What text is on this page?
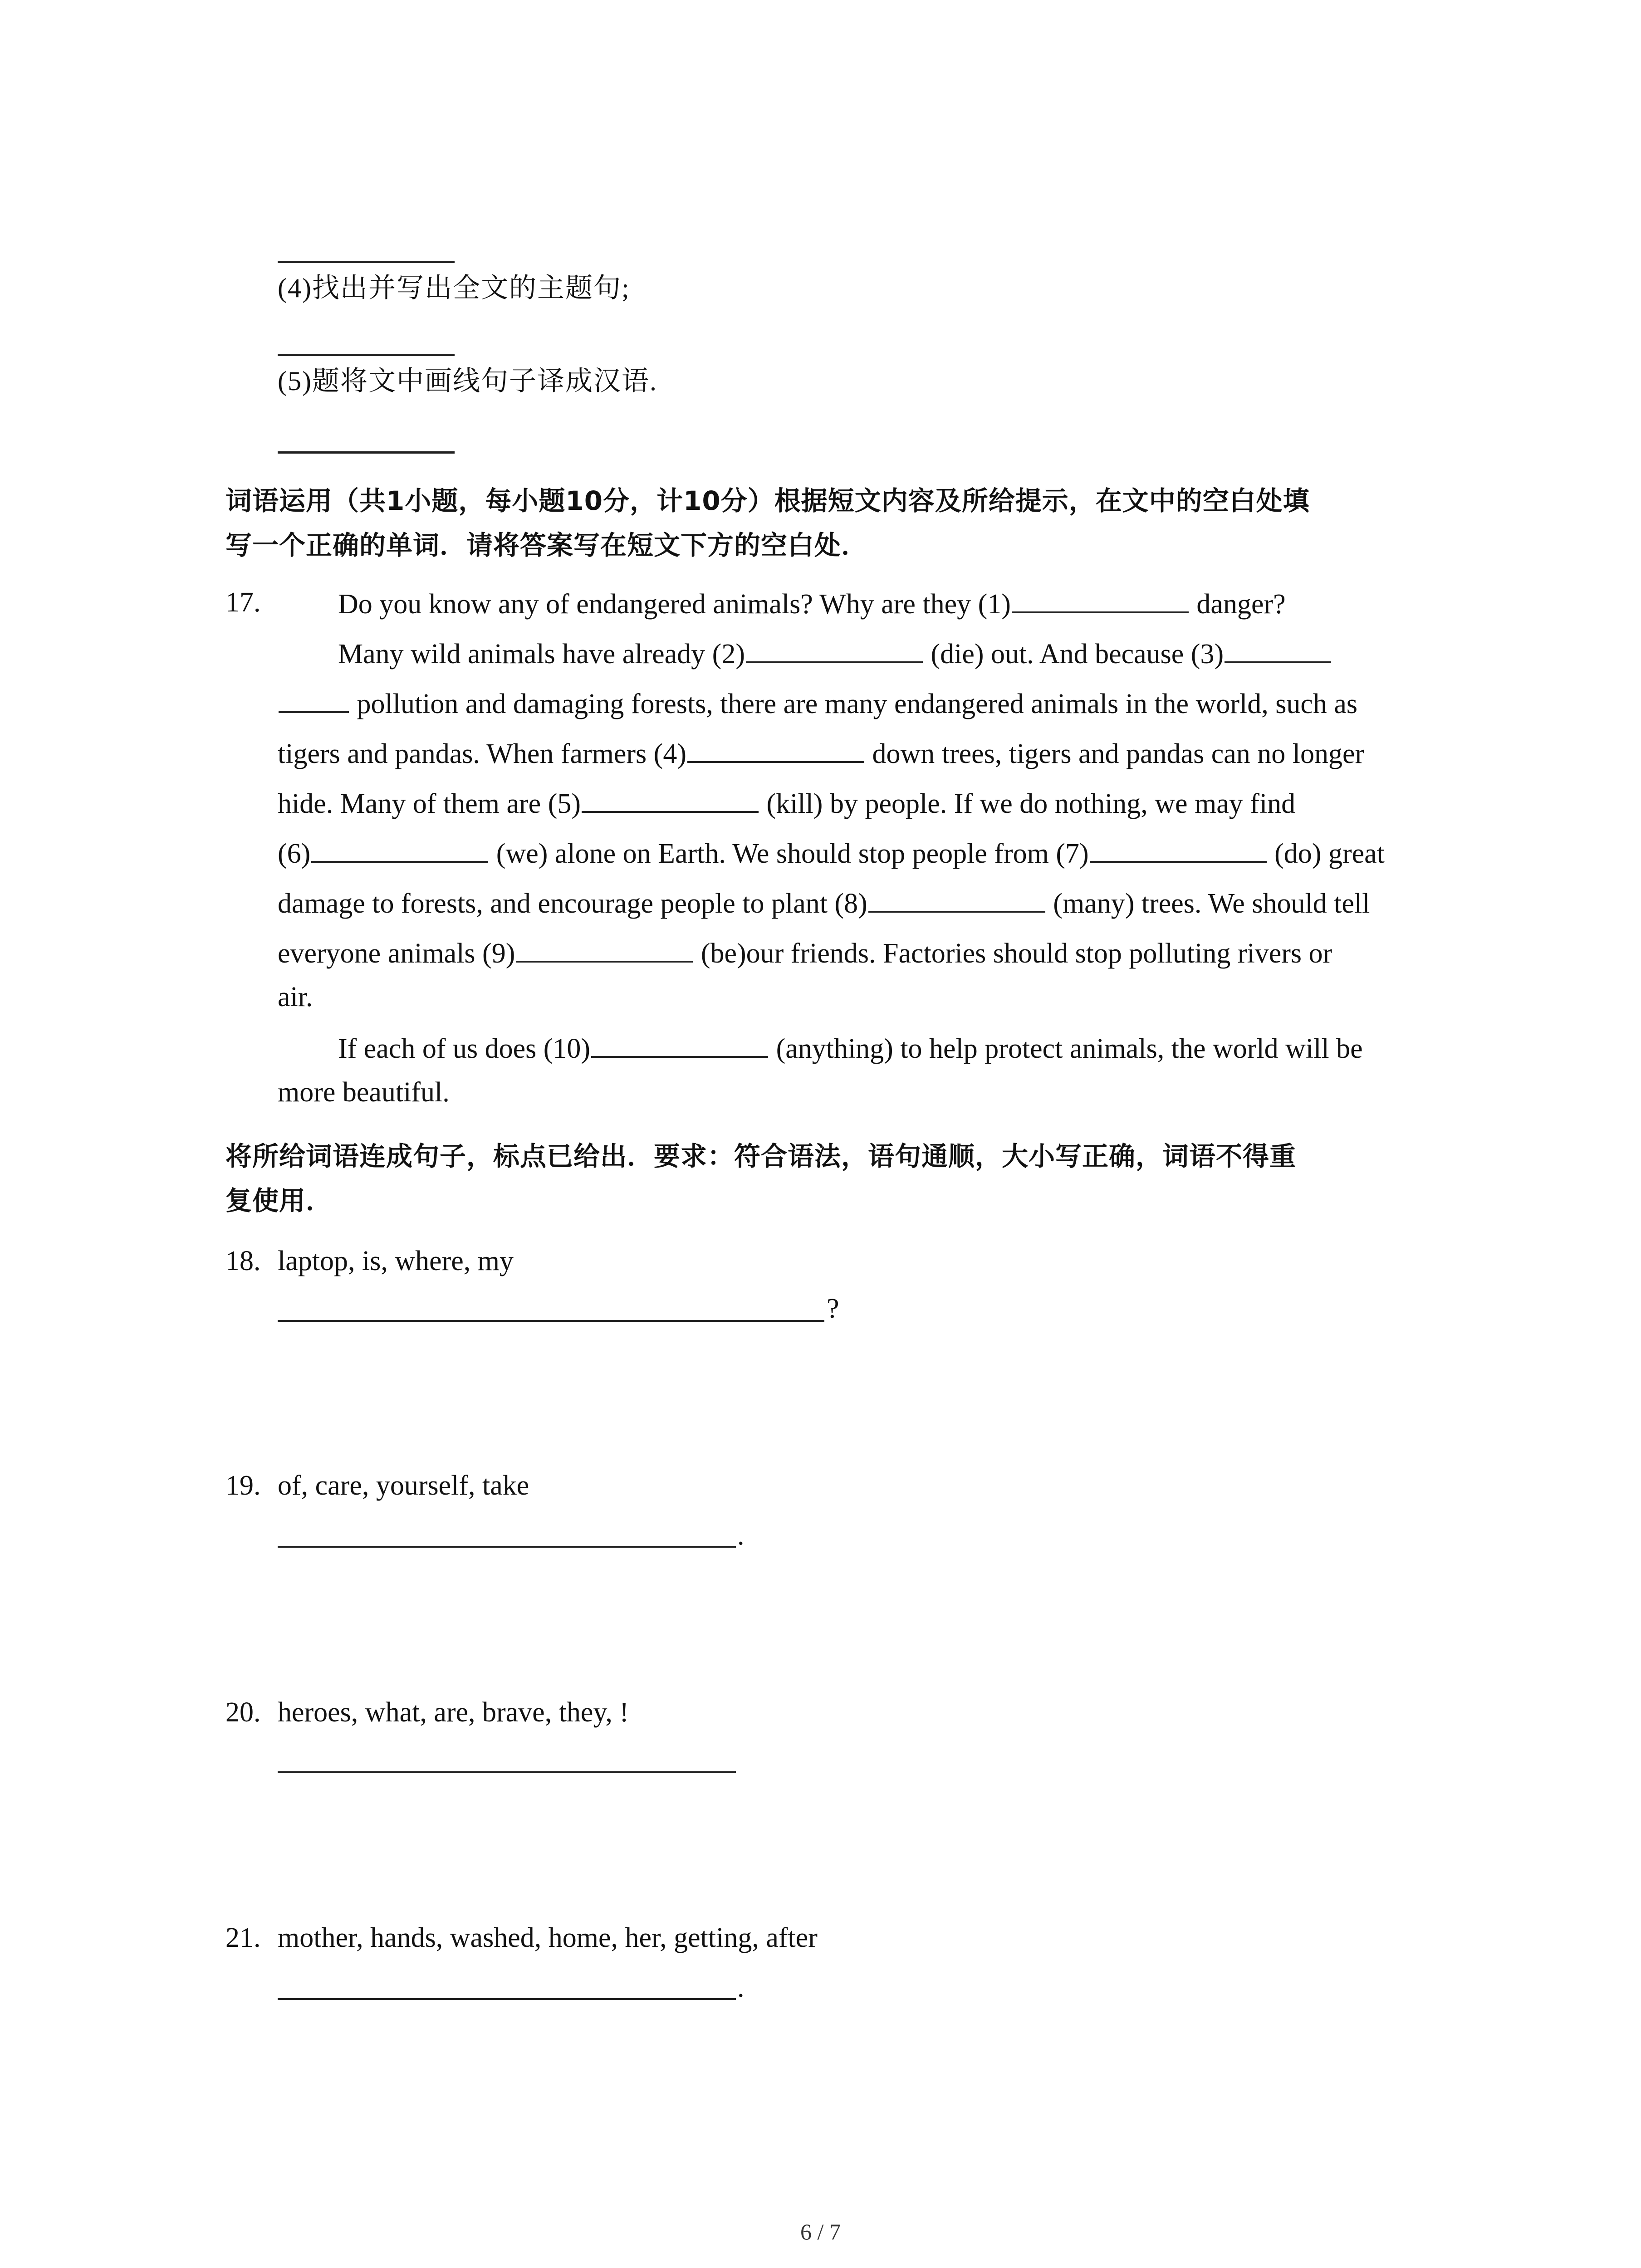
(4)找出并写出全文的主题句;
(5)题将文中画线句子译成汉语.
词语运用（共1小题，每小题10分，计10分）根据短文内容及所给提示，在文中的空白处填
写一个正确的单词．请将答案写在短文下方的空白处．
17.	Do you know any of endangered animals? Why are they (1)	danger?
Many wild animals have already (2)	(die) out. And because (3)
pollution and damaging forests, there are many endangered animals in the world, such as
tigers and pandas. When farmers (4)	down trees, tigers and pandas can no longer
hide. Many of them are (5)	(kill) by people. If we do nothing, we may find
(6)	(we) alone on Earth. We should stop people from (7)	(do) great
damage to forests, and encourage people to plant (8)	(many) trees. We should tell
everyone animals (9)	(be)our friends. Factories should stop polluting rivers or
air.
If each of us does (10)	(anything) to help protect animals, the world will be
more beautiful.
将所给词语连成句子，标点已给出．要求：符合语法，语句通顺，大小写正确，词语不得重
复使用．
18. laptop, is, where, my
?
19. of, care, yourself, take
.
20. heroes, what, are, brave, they, !
21. mother, hands, washed, home, her, getting, after
.
6 / 7
